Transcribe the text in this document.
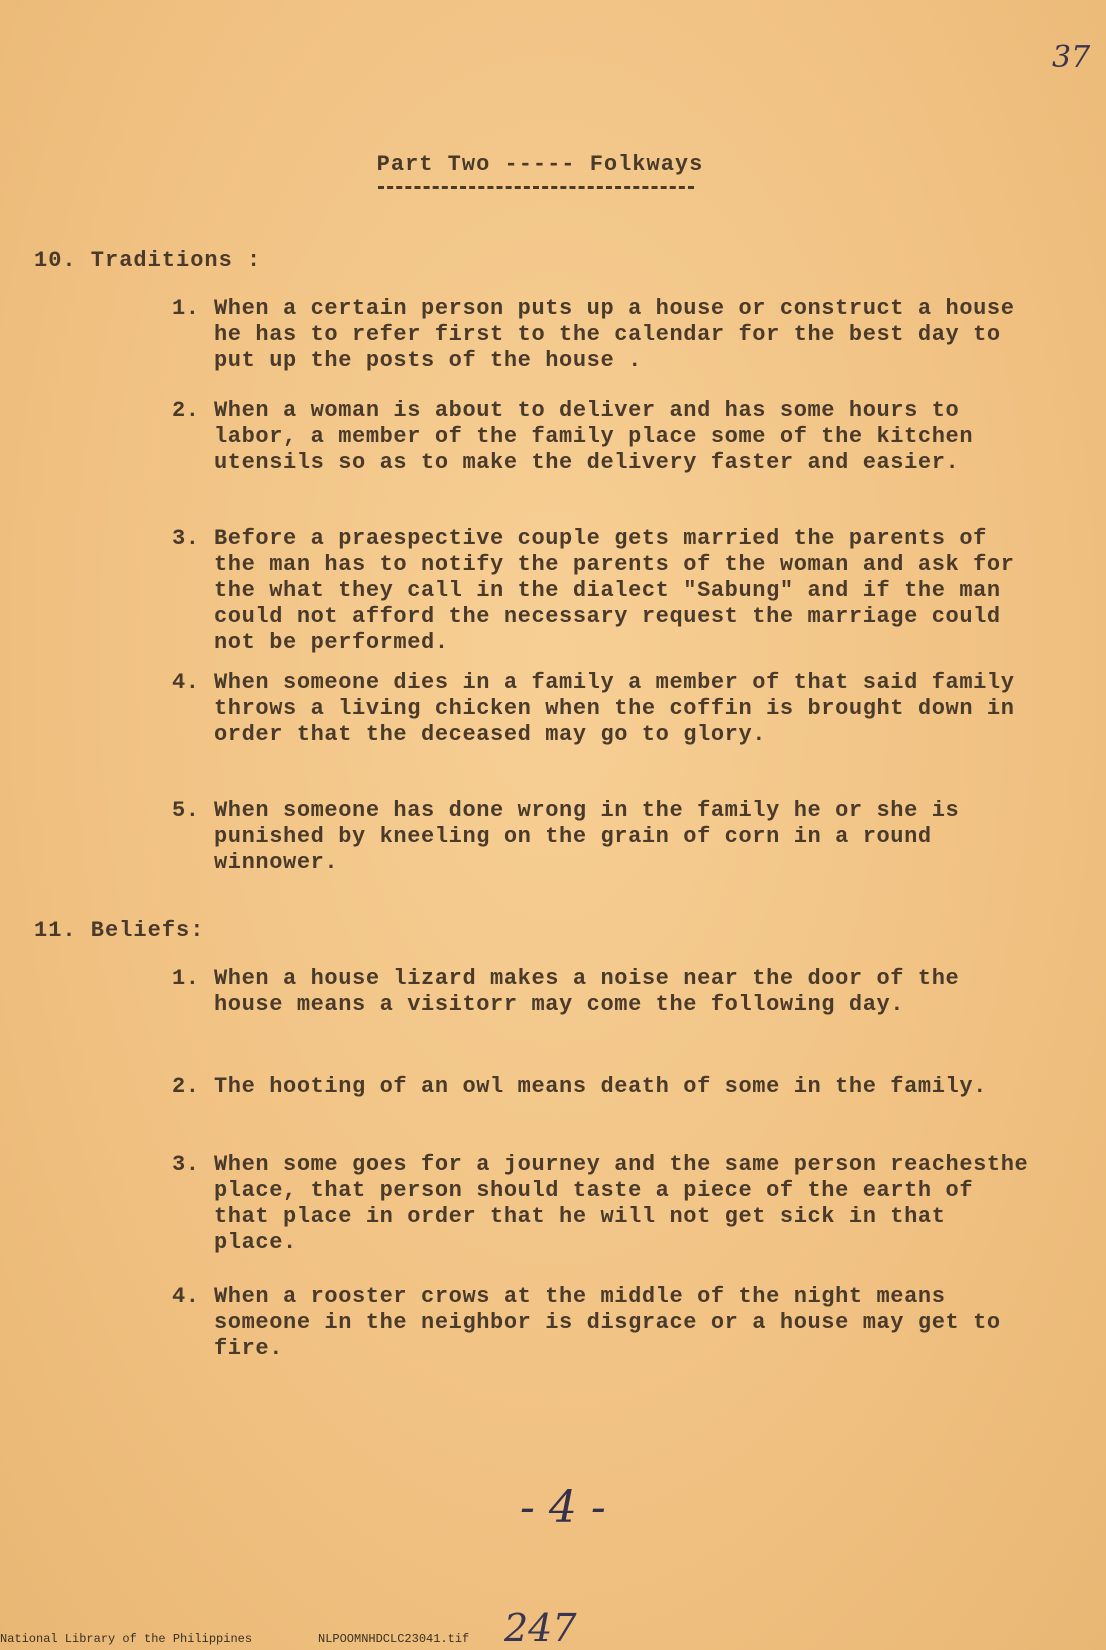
37
Part Two ----- Folkways
10. Traditions :
1. When a certain person puts up a house or construct a house he has to refer first to the calendar for the best day to put up the posts of the house .
2. When a woman is about to deliver and has some hours to labor, a member of the family place some of the kitchen utensils so as to make the delivery faster and easier.
3. Before a praespective couple gets married the parents of the man has to notify the parents of the woman and ask for the what they call in the dialect "Sabung" and if the man could not afford the necessary request the marriage could not be performed.
4. When someone dies in a family a member of that said family throws a living chicken when the coffin is brought down in order that the deceased may go to glory.
5. When someone has done wrong in the family he or she is punished by kneeling on the grain of corn in a round winnower.
11. Beliefs:
1. When a house lizard makes a noise near the door of the house means a visitorr may come the following day.
2. The hooting of an owl means death of some in the family.
3. When some goes for a journey and the same person reachesthe place, that person should taste a piece of the earth of that place in order that he will not get sick in that place.
4. When a rooster crows at the middle of the night means someone in the neighbor is disgrace or a house may get to fire.
- 4 -
247
National Library of the Philippines	NLPOOMNHDCLC23041.tif
